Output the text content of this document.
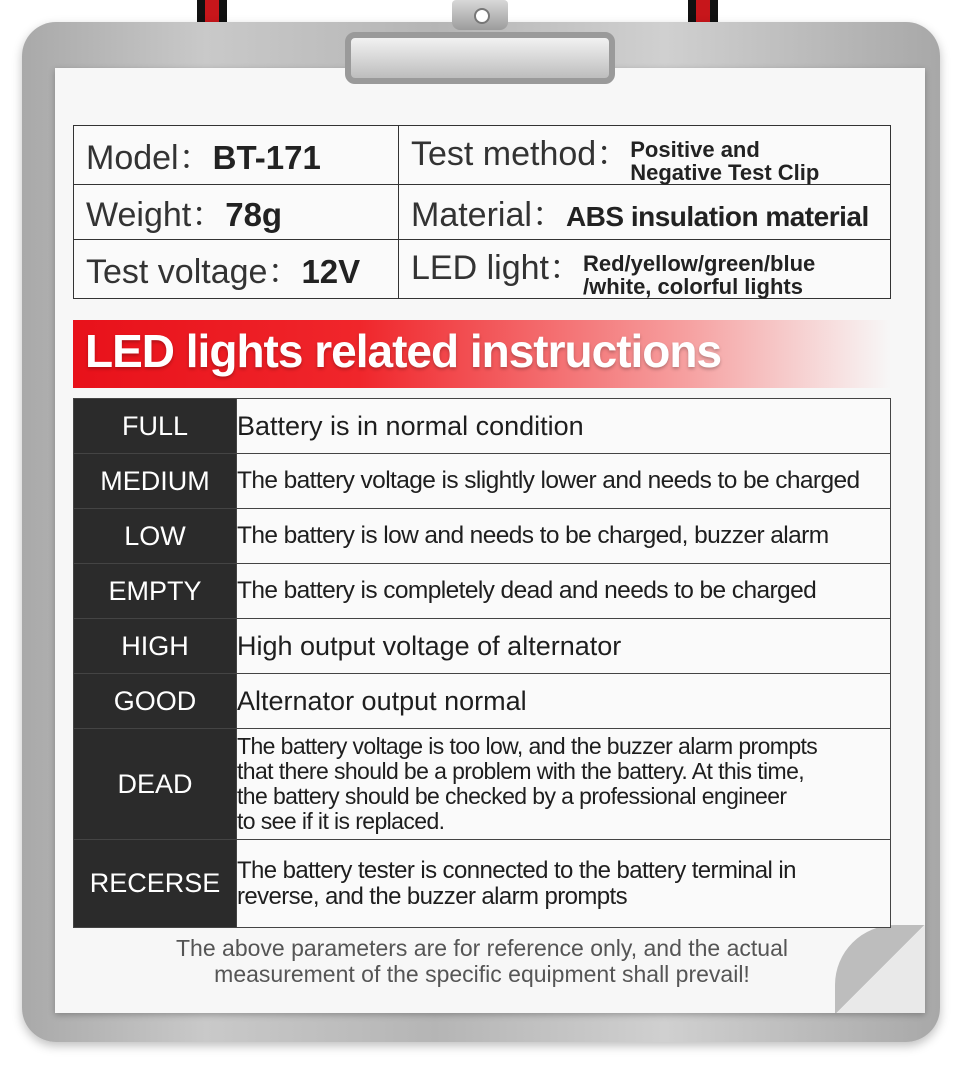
Model：BT-171	Test method：Positive and
Negative Test Clip
Weight：78g	Material：ABS insulation material
Test voltage：12V	LED light：Red/yellow/green/blue
/white, colorful lights
LED lights related instructions
FULL	Battery is in normal condition
MEDIUM	The battery voltage is slightly lower and needs to be charged
LOW	The battery is low and needs to be charged, buzzer alarm
EMPTY	The battery is completely dead and needs to be charged
HIGH	High output voltage of alternator
GOOD	Alternator output normal
DEAD	The battery voltage is too low, and the buzzer alarm prompts
that there should be a problem with the battery. At this time,
the battery should be checked by a professional engineer
to see if it is replaced.
RECERSE	The battery tester is connected to the battery terminal in
reverse, and the buzzer alarm prompts
The above parameters are for reference only, and the actual
measurement of the specific equipment shall prevail!
